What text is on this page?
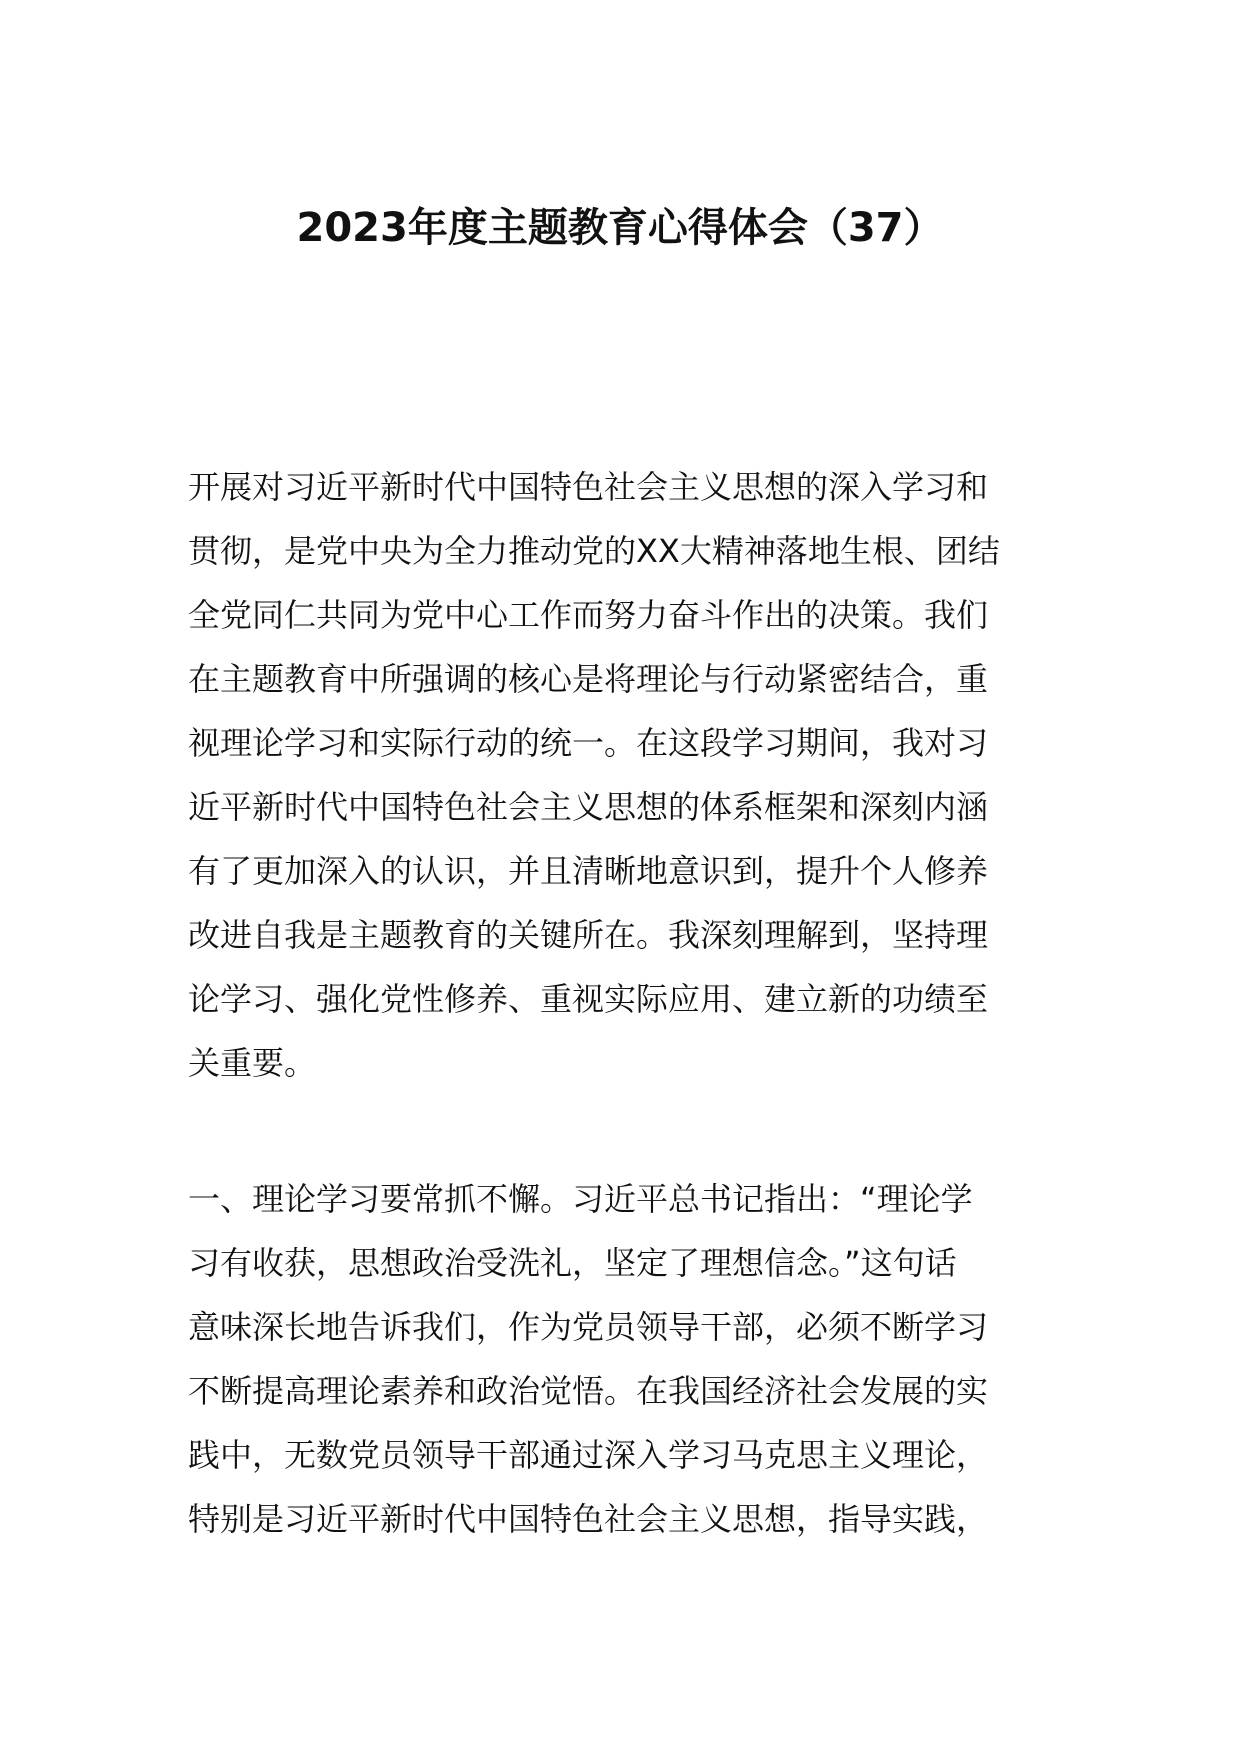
2023年度主题教育心得体会（37）
开展对习近平新时代中国特色社会主义思想的深入学习和
贯彻，是党中央为全力推动党的XX大精神落地生根、团结
全党同仁共同为党中心工作而努力奋斗作出的决策。我们
在主题教育中所强调的核心是将理论与行动紧密结合，重
视理论学习和实际行动的统一。在这段学习期间，我对习
近平新时代中国特色社会主义思想的体系框架和深刻内涵
有了更加深入的认识，并且清晰地意识到，提升个人修养
改进自我是主题教育的关键所在。我深刻理解到，坚持理
论学习、强化党性修养、重视实际应用、建立新的功绩至
关重要。
一、理论学习要常抓不懈。习近平总书记指出：“理论学
习有收获，思想政治受洗礼，坚定了理想信念。”这句话
意味深长地告诉我们，作为党员领导干部，必须不断学习
不断提高理论素养和政治觉悟。在我国经济社会发展的实
践中，无数党员领导干部通过深入学习马克思主义理论，
特别是习近平新时代中国特色社会主义思想，指导实践，
